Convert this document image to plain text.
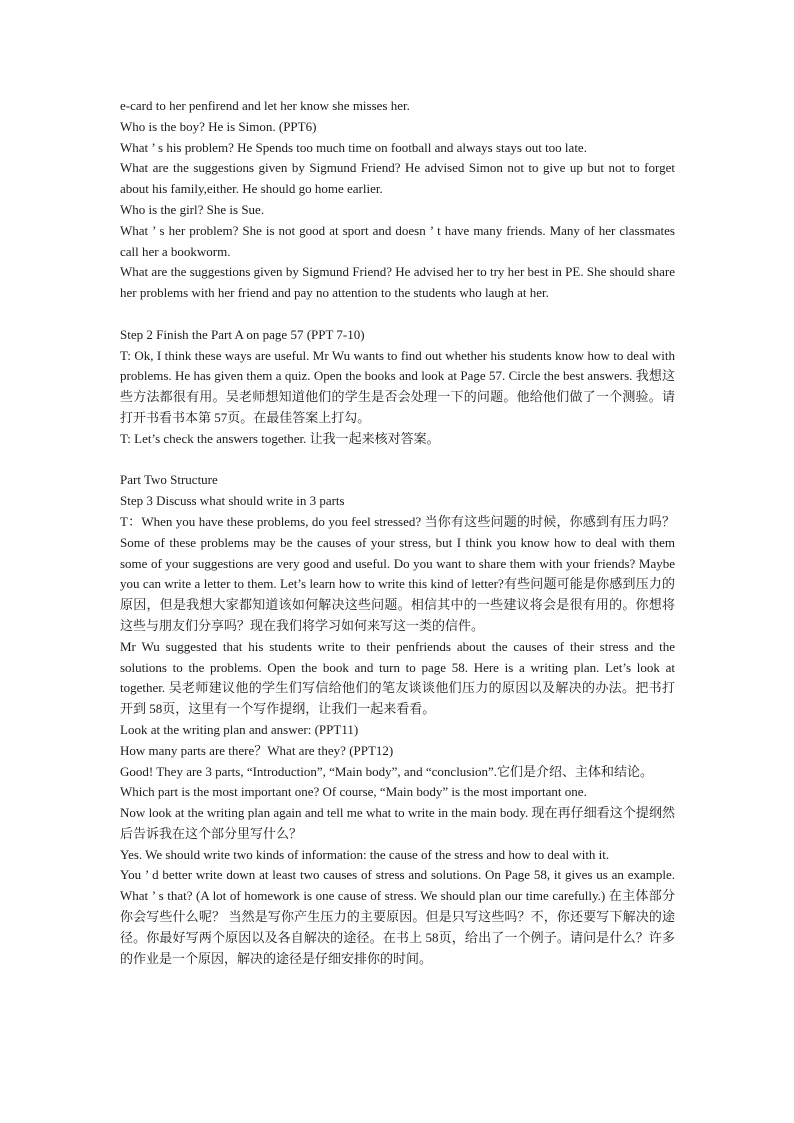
e-card to her penfirend and let her know she misses her.

Who is the boy? He is Simon. (PPT6)

What ’ s his problem? He Spends too much time on football and always stays out too late.

What are the suggestions given by Sigmund Friend? He advised Simon not to give up but not to forget about his family,either. He should go home earlier.

Who is the girl? She is Sue.

What ’ s her problem? She is not good at sport and doesn ’ t have many friends. Many of her classmates call her a bookworm.

What are the suggestions given by Sigmund Friend? He advised her to try her best in PE. She should share her problems with her friend and pay no attention to the students who laugh at her.

Step 2 Finish the Part A on page 57 (PPT 7-10)

T: Ok, I think these ways are useful. Mr Wu wants to find out whether his students know how to deal with problems. He has given them a quiz. Open the books and look at Page 57. Circle the best answers. 我想这些方法都很有用。吴老师想知道他们的学生是否会处理一下的问题。他给他们做了一个测验。请打开书看书本第 57页。在最佳答案上打勾。

T: Let’s check the answers together. 让我一起来核对答案。

Part Two Structure

Step 3 Discuss what should write in 3 parts

T：When you have these problems, do you feel stressed? 当你有这些问题的时候，你感到有压力吗？Some of these problems may be the causes of your stress, but I think you know how to deal with them some of your suggestions are very good and useful. Do you want to share them with your friends? Maybe you can write a letter to them. Let’s learn how to write this kind of letter?有些问题可能是你感到压力的原因，但是我想大家都知道该如何解决这些问题。相信其中的一些建议将会是很有用的。你想将这些与朋友们分享吗？现在我们将学习如何来写这一类的信件。

Mr Wu suggested that his students write to their penfriends about the causes of their stress and the solutions to the problems. Open the book and turn to page 58. Here is a writing plan. Let’s look at together. 吴老师建议他的学生们写信给他们的笔友谈谈他们压力的原因以及解决的办法。把书打开到 58页，这里有一个写作提纲，让我们一起来看看。

Look at the writing plan and answer: (PPT11)

How many parts are there？What are they? (PPT12)

Good! They are 3 parts, “Introduction”, “Main body”, and “conclusion”.它们是介绍、主体和结论。

Which part is the most important one? Of course, “Main body” is the most important one.

Now look at the writing plan again and tell me what to write in the main body. 现在再仔细看这个提纲然后告诉我在这个部分里写什么？

Yes. We should write two kinds of information: the cause of the stress and how to deal with it.

You ’ d better write down at least two causes of stress and solutions. On Page 58, it gives us an example. What ’ s that? (A lot of homework is one cause of stress. We should plan our time carefully.) 在主体部分你会写些什么呢？ 当然是写你产生压力的主要原因。但是只写这些吗？不，你还要写下解决的途径。你最好写两个原因以及各自解决的途径。在书上 58页，给出了一个例子。请问是什么？许多的作业是一个原因，解决的途径是仔细安排你的时间。
